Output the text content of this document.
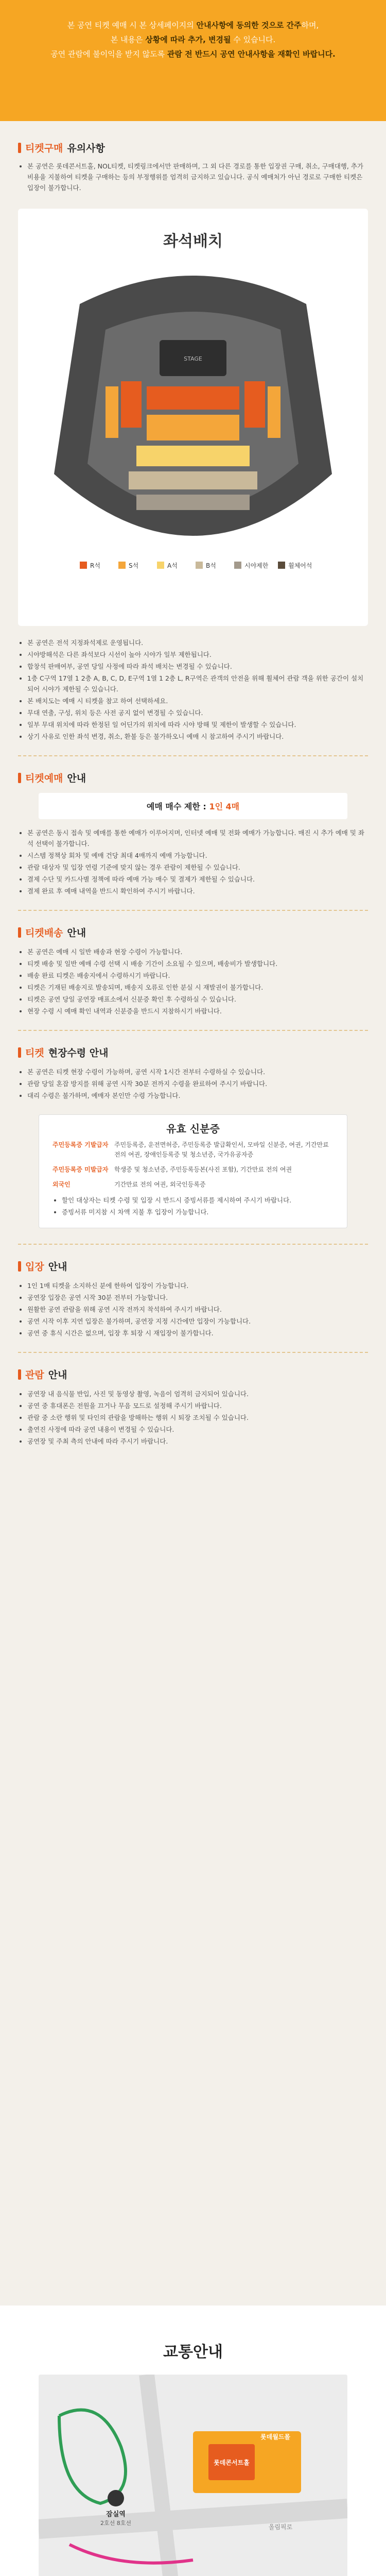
본 공연 티켓 예매 시 본 상세페이지의 안내사항에 동의한 것으로 간주하며,
본 내용은 상황에 따라 추가, 변경될 수 있습니다.
공연 관람에 불이익을 받지 않도록 관람 전 반드시 공연 안내사항을 재확인 바랍니다.
티켓구매 유의사항
• 본 공연은 롯데콘서트홀, NOL티켓, 티켓링크에서만 판매하며, 그 외 다른 경로를 통한 입장권 구매, 취소, 구매대행, 추가비용을 지불하여 티켓을 구매하는 등의 부정행위를 엄격히 금지하고 있습니다. 공식 예매처가 아닌 경로로 구매한 티켓은 입장이 불가합니다.
좌석배치
STAGE
R석	S석	A석	B석	시야제한	휠체어석
• 본 공연은 전석 지정좌석제로 운영됩니다.
• 시야방해석은 다른 좌석보다 시선이 높아 시야가 일부 제한됩니다.
• 합창석 판매여부, 공연 당일 사정에 따라 좌석 배치는 변경될 수 있습니다.
• 1층 C구역 17열 1 2층 A, B, C, D, E구역 1열 1 2층 L, R구역은 관객의 안전을 위해 휠체어 관람 객을 위한 공간이 설치되어 시야가 제한될 수 있습니다.
• 본 배치도는 예매 시 티켓을 참고 하여 선택하세요.
• 무대 연출, 구성, 위치 등은 사전 공지 없이 변경될 수 있습니다.
• 일부 무대 위치에 따라 한정된 일 어딘가의 위치에 따라 시야 방해 및 제한이 발생할 수 있습니다.
• 상기 사유로 인한 좌석 변경, 취소, 환불 등은 불가하오니 예매 시 참고하여 주시기 바랍니다.
티켓예매 안내
예매 매수 제한 : 1인 4매
• 본 공연은 동시 접속 및 예매를 통한 예매가 이루어지며, 인터넷 예매 및 전화 예매가 가능합니다. 매진 시 추가 예매 및 좌석 선택이 불가합니다.
• 시스템 정책상 회차 및 예매 건당 최대 4매까지 예매 가능합니다.
• 관람 대상자 및 입장 연령 기준에 맞지 않는 경우 관람이 제한될 수 있습니다.
• 결제 수단 및 카드사별 정책에 따라 예매 가능 매수 및 결제가 제한될 수 있습니다.
• 결제 완료 후 예매 내역을 반드시 확인하여 주시기 바랍니다.
티켓배송 안내
• 본 공연은 예매 시 일반 배송과 현장 수령이 가능합니다.
• 티켓 배송 및 일반 예매 수령 선택 시 배송 기간이 소요될 수 있으며, 배송비가 발생합니다.
• 배송 완료 티켓은 배송지에서 수령하시기 바랍니다.
• 티켓은 기재된 배송지로 발송되며, 배송지 오류로 인한 분실 시 재발권이 불가합니다.
• 티켓은 공연 당일 공연장 매표소에서 신분증 확인 후 수령하실 수 있습니다.
• 현장 수령 시 예매 확인 내역과 신분증을 반드시 지참하시기 바랍니다.
티켓 현장수령 안내
• 본 공연은 티켓 현장 수령이 가능하며, 공연 시작 1시간 전부터 수령하실 수 있습니다.
• 관람 당일 혼잡 방지를 위해 공연 시작 30분 전까지 수령을 완료하여 주시기 바랍니다.
• 대리 수령은 불가하며, 예매자 본인만 수령 가능합니다.
유효 신분증
주민등록증 기발급자 주민등록증, 운전면허증, 주민등록증 발급확인서, 모바일 신분증, 여권, 기간만료 전의 여권, 장애인등록증 및 청소년증, 국가유공자증
주민등록증 미발급자 학생증 및 청소년증, 주민등록등본(사진 포함), 기간만료 전의 여권
외국인	기간만료 전의 여권, 외국인등록증
• 할인 대상자는 티켓 수령 및 입장 시 반드시 증빙서류를 제시하여 주시기 바랍니다.
• 증빙서류 미지참 시 차액 지불 후 입장이 가능합니다.
입장 안내
• 1인 1매 티켓을 소지하신 분에 한하여 입장이 가능합니다.
• 공연장 입장은 공연 시작 30분 전부터 가능합니다.
• 원활한 공연 관람을 위해 공연 시작 전까지 착석하여 주시기 바랍니다.
• 공연 시작 이후 지연 입장은 불가하며, 공연장 지정 시간에만 입장이 가능합니다.
• 공연 중 휴식 시간은 없으며, 입장 후 퇴장 시 재입장이 불가합니다.
관람 안내
• 공연장 내 음식물 반입, 사진 및 동영상 촬영, 녹음이 엄격히 금지되어 있습니다.
• 공연 중 휴대폰은 전원을 끄거나 무음 모드로 설정해 주시기 바랍니다.
• 관람 중 소란 행위 및 타인의 관람을 방해하는 행위 시 퇴장 조치될 수 있습니다.
• 출연진 사정에 따라 공연 내용이 변경될 수 있습니다.
• 공연장 및 주최 측의 안내에 따라 주시기 바랍니다.
교통안내
잠실역
2호선 8호선
롯데월드몰
롯데콘서트홀
올림픽로
